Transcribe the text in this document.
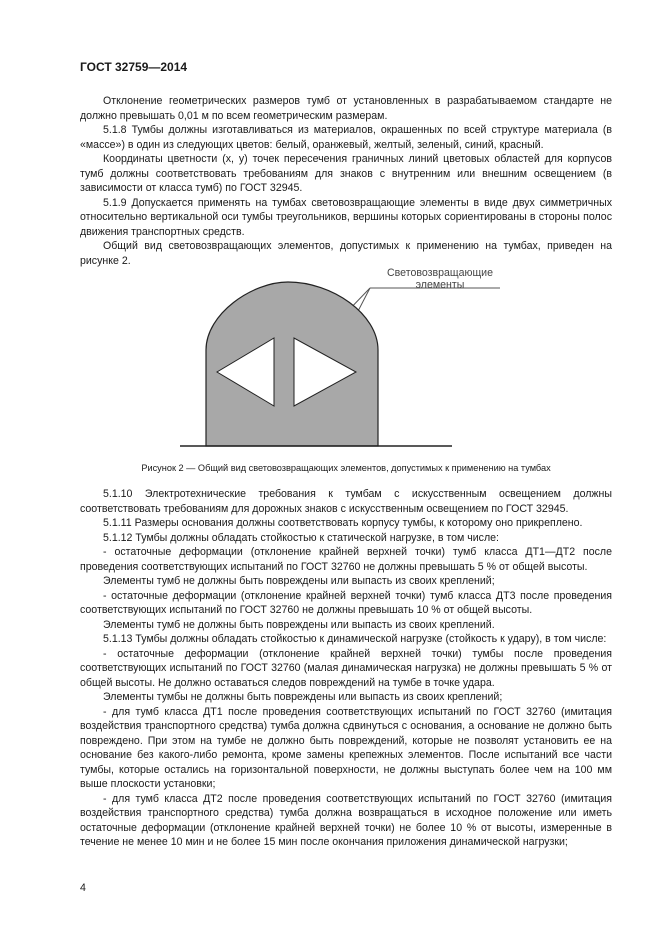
ГОСТ 32759—2014

Отклонение геометрических размеров тумб от установленных в разрабатываемом стандарте не должно превышать 0,01 м по всем геометрическим размерам.

5.1.8 Тумбы должны изготавливаться из материалов, окрашенных по всей структуре материала (в «массе») в один из следующих цветов: белый, оранжевый, желтый, зеленый, синий, красный.

Координаты цветности (x, y) точек пересечения граничных линий цветовых областей для корпусов тумб должны соответствовать требованиям для знаков с внутренним или внешним освещением (в зависимости от класса тумб) по ГОСТ 32945.

5.1.9 Допускается применять на тумбах световозвращающие элементы в виде двух симметричных относительно вертикальной оси тумбы треугольников, вершины которых сориентированы в стороны полос движения транспортных средств.

Общий вид световозвращающих элементов, допустимых к применению на тумбах, приведен на рисунке 2.

Световозвращающие элементы
Рисунок 2 — Общий вид световозвращающих элементов, допустимых к применению на тумбах

5.1.10 Электротехнические требования к тумбам с искусственным освещением должны соответствовать требованиям для дорожных знаков с искусственным освещением по ГОСТ 32945.

5.1.11 Размеры основания должны соответствовать корпусу тумбы, к которому оно прикреплено.

5.1.12 Тумбы должны обладать стойкостью к статической нагрузке, в том числе:

- остаточные деформации (отклонение крайней верхней точки) тумб класса ДТ1—ДТ2 после проведения соответствующих испытаний по ГОСТ 32760 не должны превышать 5 % от общей высоты.

Элементы тумб не должны быть повреждены или выпасть из своих креплений;

- остаточные деформации (отклонение крайней верхней точки) тумб класса ДТ3 после проведения соответствующих испытаний по ГОСТ 32760 не должны превышать 10 % от общей высоты.

Элементы тумб не должны быть повреждены или выпасть из своих креплений.

5.1.13 Тумбы должны обладать стойкостью к динамической нагрузке (стойкость к удару), в том числе:

- остаточные деформации (отклонение крайней верхней точки) тумбы после проведения соответствующих испытаний по ГОСТ 32760 (малая динамическая нагрузка) не должны превышать 5 % от общей высоты. Не должно оставаться следов повреждений на тумбе в точке удара.

Элементы тумбы не должны быть повреждены или выпасть из своих креплений;

- для тумб класса ДТ1 после проведения соответствующих испытаний по ГОСТ 32760 (имитация воздействия транспортного средства) тумба должна сдвинуться с основания, а основание не должно быть повреждено. При этом на тумбе не должно быть повреждений, которые не позволят установить ее на основание без какого-либо ремонта, кроме замены крепежных элементов. После испытаний все части тумбы, которые остались на горизонтальной поверхности, не должны выступать более чем на 100 мм выше плоскости установки;

- для тумб класса ДТ2 после проведения соответствующих испытаний по ГОСТ 32760 (имитация воздействия транспортного средства) тумба должна возвращаться в исходное положение или иметь остаточные деформации (отклонение крайней верхней точки) не более 10 % от высоты, измеренные в течение не менее 10 мин и не более 15 мин после окончания приложения динамической нагрузки;

4
